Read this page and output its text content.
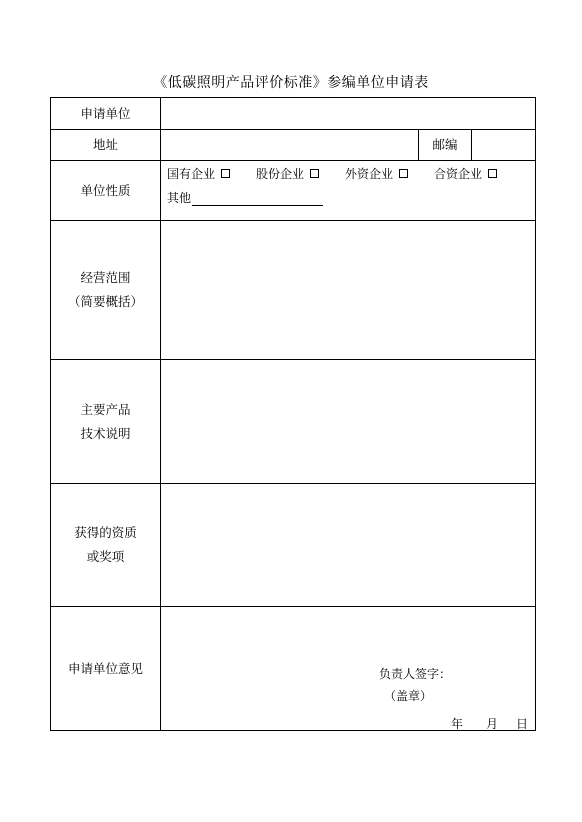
《低碳照明产品评价标准》参编单位申请表
申请单位			
地址		邮编	
单位性质	国有企业 股份企业 外资企业 合资企业
其他		

经营范围
（简要概括）			

主要产品
技术说明			

获得的资质
或奖项			

申请单位意见	负责人签字：
（盖章）
年 月 日		
